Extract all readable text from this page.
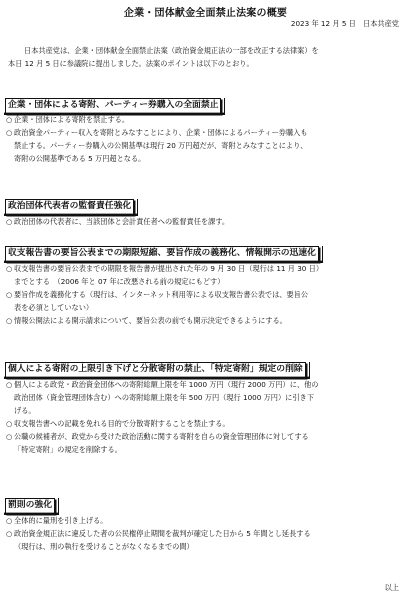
企業・団体献金全面禁止法案の概要
2023 年 12 月 5 日　日本共産党
日本共産党は、企業・団体献金全面禁止法案（政治資金規正法の一部を改正する法律案）を
本日 12 月 5 日に参議院に提出しました。法案のポイントは以下のとおり。
企業・団体による寄附、パーティー券購入の全面禁止
○ 企業・団体による寄附を禁止する。
○ 政治資金パーティー収入を寄附とみなすことにより、企業・団体によるパーティー券購入も
禁止する。パーティー券購入の公開基準は現行 20 万円超だが、寄附とみなすことにより、
寄附の公開基準である 5 万円超となる。
政治団体代表者の監督責任強化
○ 政治団体の代表者に、当該団体と会計責任者への監督責任を課す。
収支報告書の要旨公表までの期限短縮、要旨作成の義務化、情報開示の迅速化
○ 収支報告書の要旨公表までの期限を報告書が提出された年の 9 月 30 日（現行は 11 月 30 日）
までとする　（2006 年と 07 年に改悪される前の規定にもどす）
○ 要旨作成を義務化する（現行は、インターネット利用等による収支報告書公表では、要旨公
表を必須としていない）
○ 情報公開法による開示請求について、要旨公表の前でも開示決定できるようにする。
個人による寄附の上限引き下げと分散寄附の禁止、「特定寄附」規定の削除
○ 個人による政党・政治資金団体への寄附総額上限を年 1000 万円（現行 2000 万円）に、他の
政治団体（資金管理団体含む）への寄附総額上限を年 500 万円（現行 1000 万円）に引き下
げる。
○ 収支報告書への記載を免れる目的で分散寄附することを禁止する。
○ 公職の候補者が、政党から受けた政治活動に関する寄附を自らの資金管理団体に対してする
「特定寄附」の規定を削除する。
罰則の強化
○ 全体的に量刑を引き上げる。
○ 政治資金規正法に違反した者の公民権停止期間を裁判が確定した日から 5 年間とし延長する
（現行は、刑の執行を受けることがなくなるまでの間）
以上
